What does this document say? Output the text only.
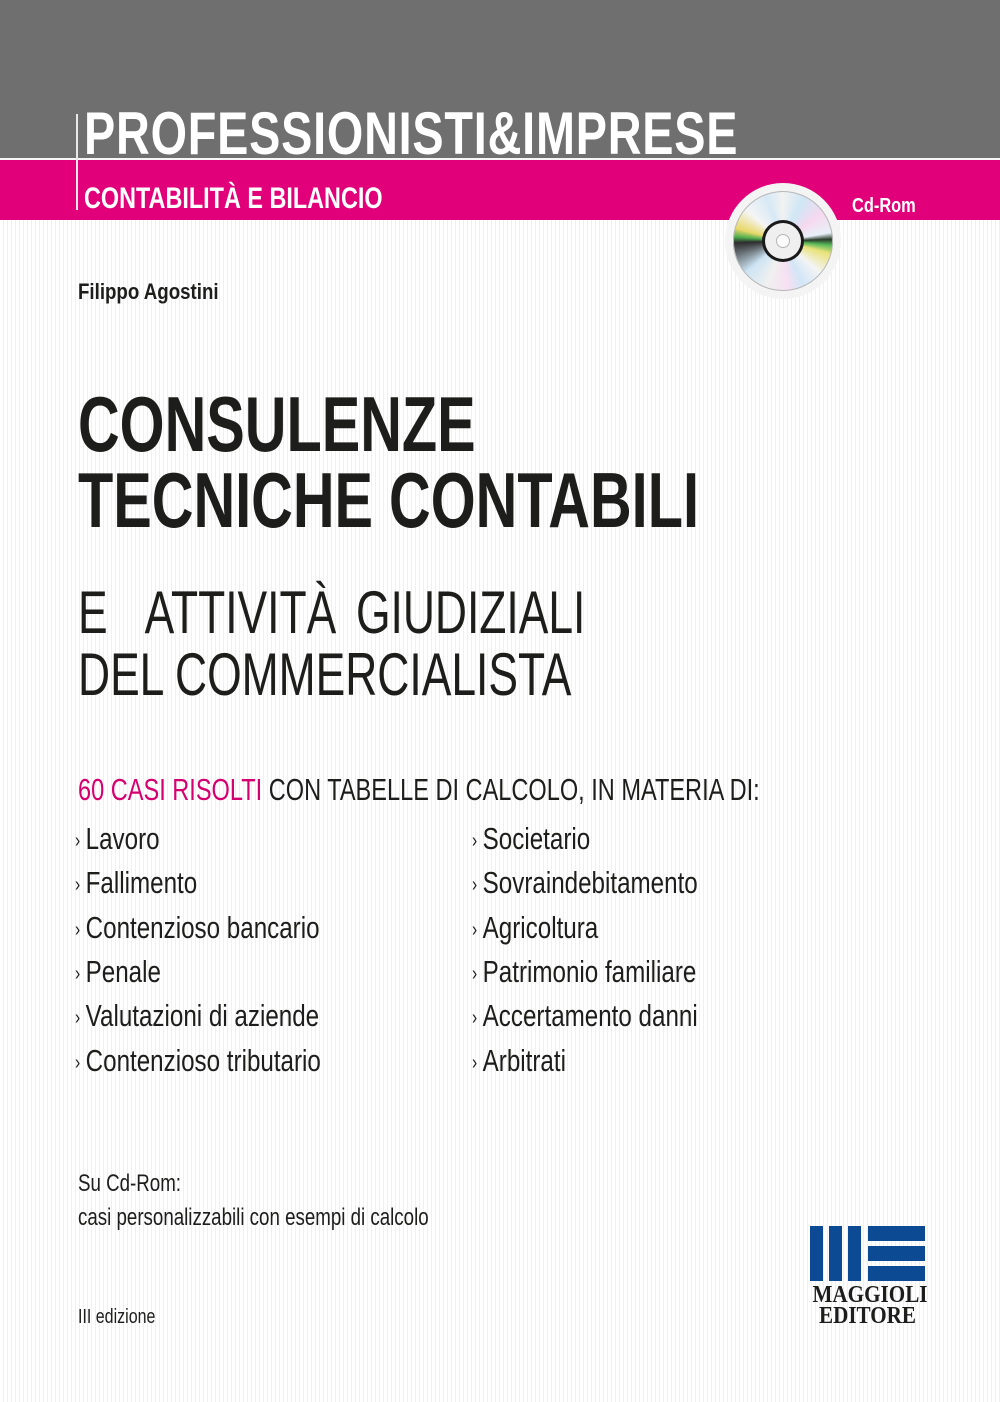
PROFESSIONISTI&IMPRESE
CONTABILITÀ E BILANCIO	Cd-Rom
Filippo Agostini
CONSULENZE
TECNICHE CONTABILI
E  ATTIVITÀ GIUDIZIALI
DEL COMMERCIALISTA
60 CASI RISOLTI CON TABELLE DI CALCOLO, IN MATERIA DI:
› Lavoro
› Fallimento
› Contenzioso bancario
› Penale
› Valutazioni di aziende
› Contenzioso tributario
› Societario
› Sovraindebitamento
› Agricoltura
› Patrimonio familiare
› Accertamento danni
› Arbitrati
Su Cd-Rom:
casi personalizzabili con esempi di calcolo
III edizione
MAGGIOLI
EDITORE
